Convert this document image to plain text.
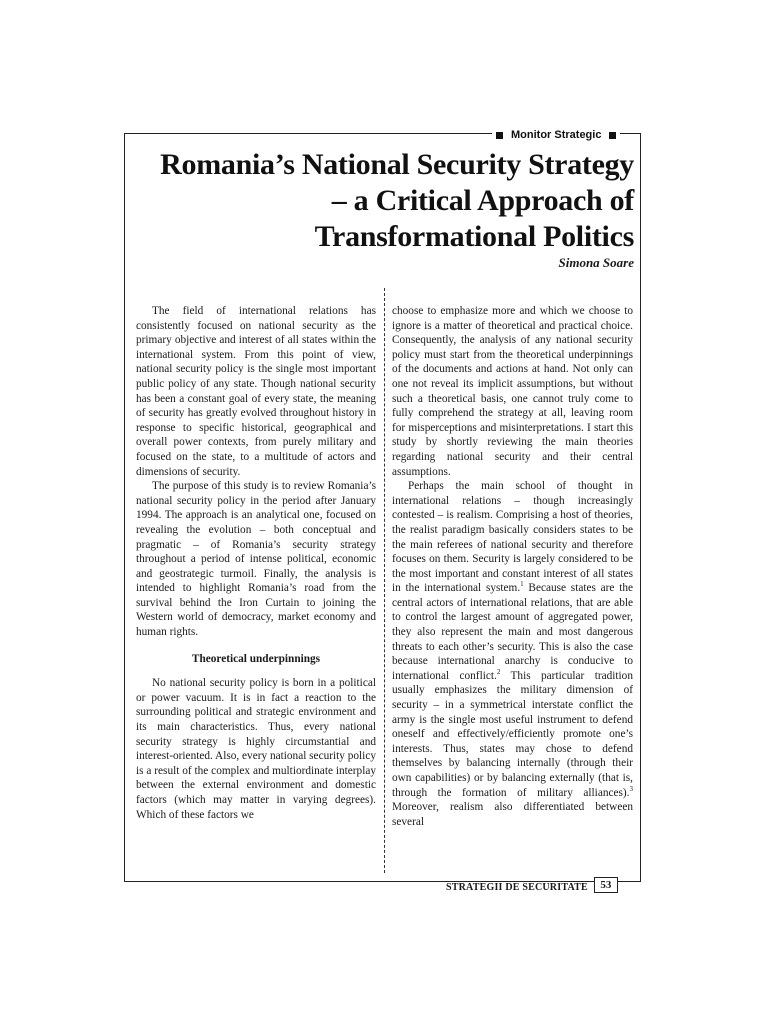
Monitor Strategic
Romania’s National Security Strategy
– a Critical Approach of
Transformational Politics
Simona Soare

The field of international relations has consistently focused on national security as the primary objective and interest of all states within the international system. From this point of view, national security policy is the single most important public policy of any state. Though national security has been a constant goal of every state, the meaning of security has greatly evolved throughout history in response to specific historical, geographical and overall power contexts, from purely military and focused on the state, to a multitude of actors and dimensions of security.

The purpose of this study is to review Romania’s national security policy in the period after January 1994. The approach is an analytical one, focused on revealing the evolution – both conceptual and pragmatic – of Romania’s security strategy throughout a period of intense political, economic and geostrategic turmoil. Finally, the analysis is intended to highlight Romania’s road from the survival behind the Iron Curtain to joining the Western world of democracy, market economy and human rights.

Theoretical underpinnings

No national security policy is born in a political or power vacuum. It is in fact a reaction to the surrounding political and strategic environment and its main characteristics. Thus, every national security strategy is highly circumstantial and interest-oriented. Also, every national security policy is a result of the complex and multiordinate interplay between the external environment and domestic factors (which may matter in varying degrees). Which of these factors we

choose to emphasize more and which we choose to ignore is a matter of theoretical and practical choice. Consequently, the analysis of any national security policy must start from the theoretical underpinnings of the documents and actions at hand. Not only can one not reveal its implicit assumptions, but without such a theoretical basis, one cannot truly come to fully comprehend the strategy at all, leaving room for misperceptions and misinterpretations. I start this study by shortly reviewing the main theories regarding national security and their central assumptions.

Perhaps the main school of thought in international relations – though increasingly contested – is realism. Comprising a host of theories, the realist paradigm basically considers states to be the main referees of national security and therefore focuses on them. Security is largely considered to be the most important and constant interest of all states in the international system.$^1$ Because states are the central actors of international relations, that are able to control the largest amount of aggregated power, they also represent the main and most dangerous threats to each other’s security. This is also the case because international anarchy is conducive to international conflict.$^2$ This particular tradition usually emphasizes the military dimension of security – in a symmetrical interstate conflict the army is the single most useful instrument to defend oneself and effectively/efficiently promote one’s interests. Thus, states may chose to defend themselves by balancing internally (through their own capabilities) or by balancing externally (that is, through the formation of military alliances).$^3$ Moreover, realism also differentiated between several

STRATEGII DE SECURITATE	53
